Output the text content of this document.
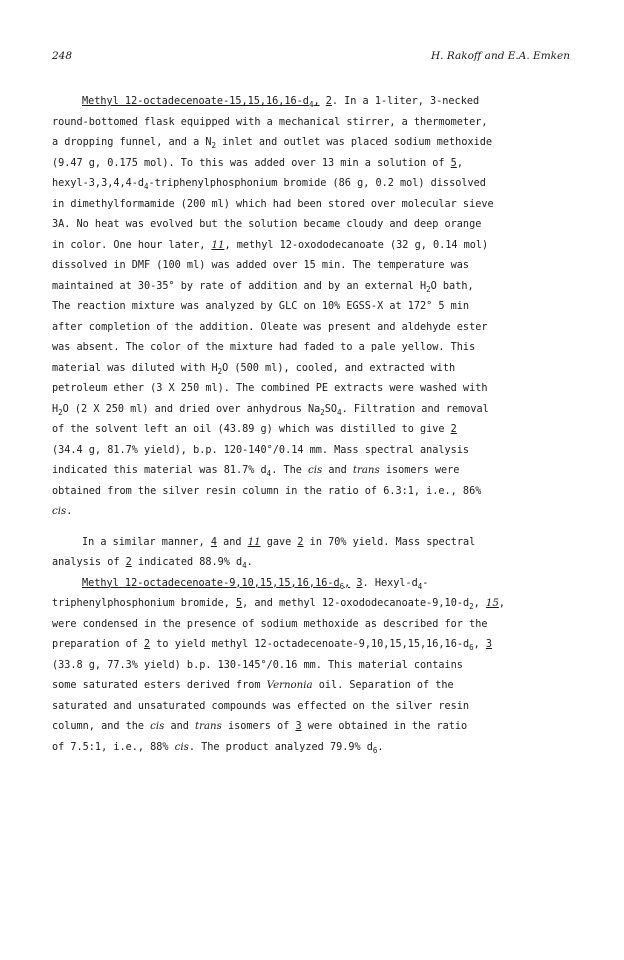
248	H. Rakoff and E.A. Emken

Methyl $12-octadecenoate-15,15,16,16-d_4$, 2. In a 1-liter, 3-necked

round-bottomed flask equipped with a mechanical stirrer, a thermometer,

a dropping funnel, and a $N_2$ inlet and outlet was placed sodium methoxide

(9.47 g, 0.175 mol). To this was added over 13 min a solution of 5,

hexyl-$3,3,4,4-d_4$-triphenylphosphonium bromide (86 g, 0.2 mol) dissolved

in dimethylformamide (200 ml) which had been stored over molecular sieve

3A. No heat was evolved but the solution became cloudy and deep orange

in color. One hour later, 11, methyl 12-oxododecanoate (32 g, 0.14 mol)

dissolved in DMF (100 ml) was added over 15 min. The temperature was

maintained at 30-35° by rate of addition and by an external $H_2O$ bath,

The reaction mixture was analyzed by GLC on 10% EGSS-X at 172° 5 min

after completion of the addition. Oleate was present and aldehyde ester

was absent. The color of the mixture had faded to a pale yellow. This

material was diluted with $H_2O$ (500 ml), cooled, and extracted with

petroleum ether (3 X 250 ml). The combined PE extracts were washed with

$H_2O$ (2 X 250 ml) and dried over anhydrous $Na_2SO_4$. Filtration and removal

of the solvent left an oil (43.89 g) which was distilled to give 2

(34.4 g, 81.7% yield), b.p. 120-140°/0.14 mm. Mass spectral analysis

indicated this material was 81.7% $d_4$. The cis and trans isomers were

obtained from the silver resin column in the ratio of 6.3:1, i.e., 86%

cis.

In a similar manner, 4 and 11 gave 2 in 70% yield. Mass spectral

analysis of 2 indicated 88.9% $d_4$.

Methyl $12-octadecenoate-9,10,15,15,16,16-d_6$, 3. Hexyl-$d_4-$

triphenylphosphonium bromide, 5, and methyl $12-oxododecanoate-9,10-d_2$, 15,

were condensed in the presence of sodium methoxide as described for the

preparation of 2 to yield methyl $12-octadecenoate-9,10,15,15,16,16-d_6$, 3

(33.8 g, 77.3% yield) b.p. 130-145°/0.16 mm. This material contains

some saturated esters derived from Vernonia oil. Separation of the

saturated and unsaturated compounds was effected on the silver resin

column, and the cis and trans isomers of 3 were obtained in the ratio

of 7.5:1, i.e., 88% cis. The product analyzed 79.9% $d_6$.
